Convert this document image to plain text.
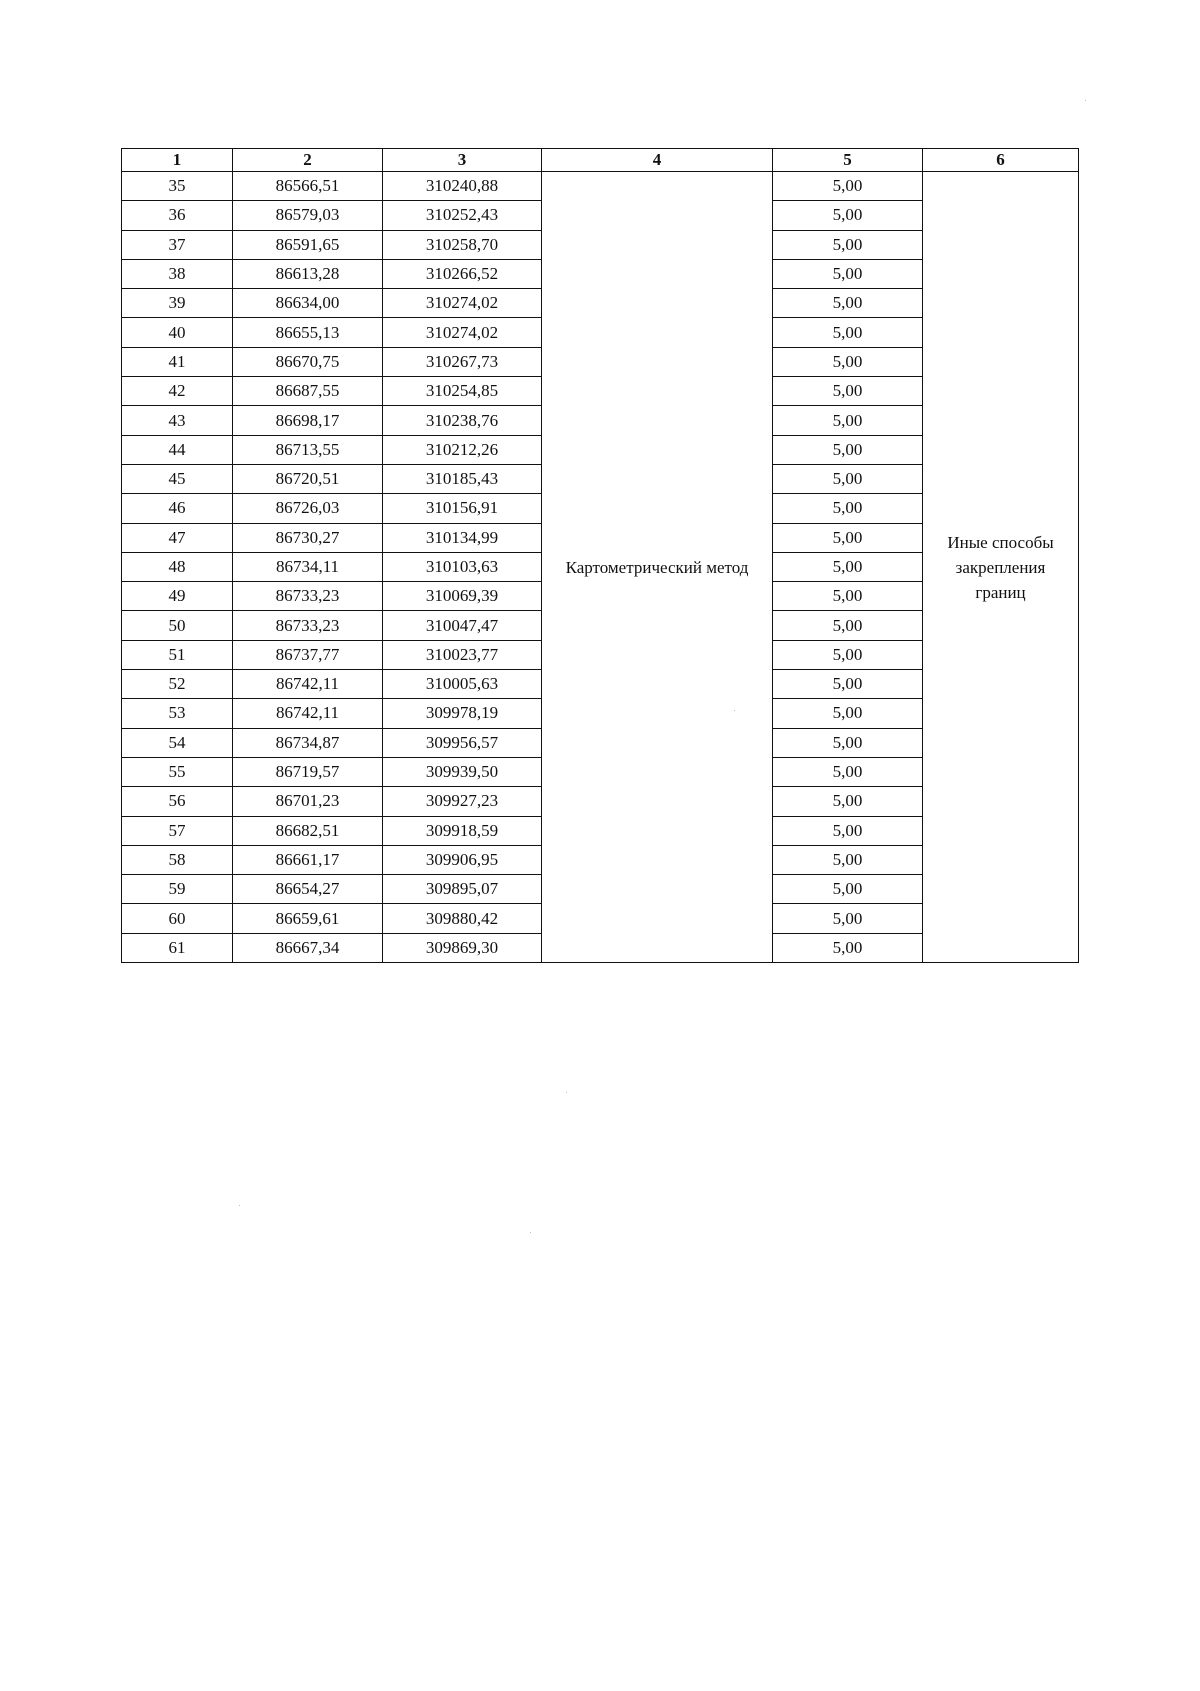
1	2	3	4	5	6
35	86566,51	310240,88	Картометрический метод	5,00	Иные способы закрепления границ
36	86579,03	310252,43		5,00	
37	86591,65	310258,70		5,00	
38	86613,28	310266,52		5,00	
39	86634,00	310274,02		5,00	
40	86655,13	310274,02		5,00	
41	86670,75	310267,73		5,00	
42	86687,55	310254,85		5,00	
43	86698,17	310238,76		5,00	
44	86713,55	310212,26		5,00	
45	86720,51	310185,43		5,00	
46	86726,03	310156,91		5,00	
47	86730,27	310134,99		5,00	
48	86734,11	310103,63		5,00	
49	86733,23	310069,39		5,00	
50	86733,23	310047,47		5,00	
51	86737,77	310023,77		5,00	
52	86742,11	310005,63		5,00	
53	86742,11	309978,19		5,00	
54	86734,87	309956,57		5,00	
55	86719,57	309939,50		5,00	
56	86701,23	309927,23		5,00	
57	86682,51	309918,59		5,00	
58	86661,17	309906,95		5,00	
59	86654,27	309895,07		5,00	
60	86659,61	309880,42		5,00	
61	86667,34	309869,30		5,00	
